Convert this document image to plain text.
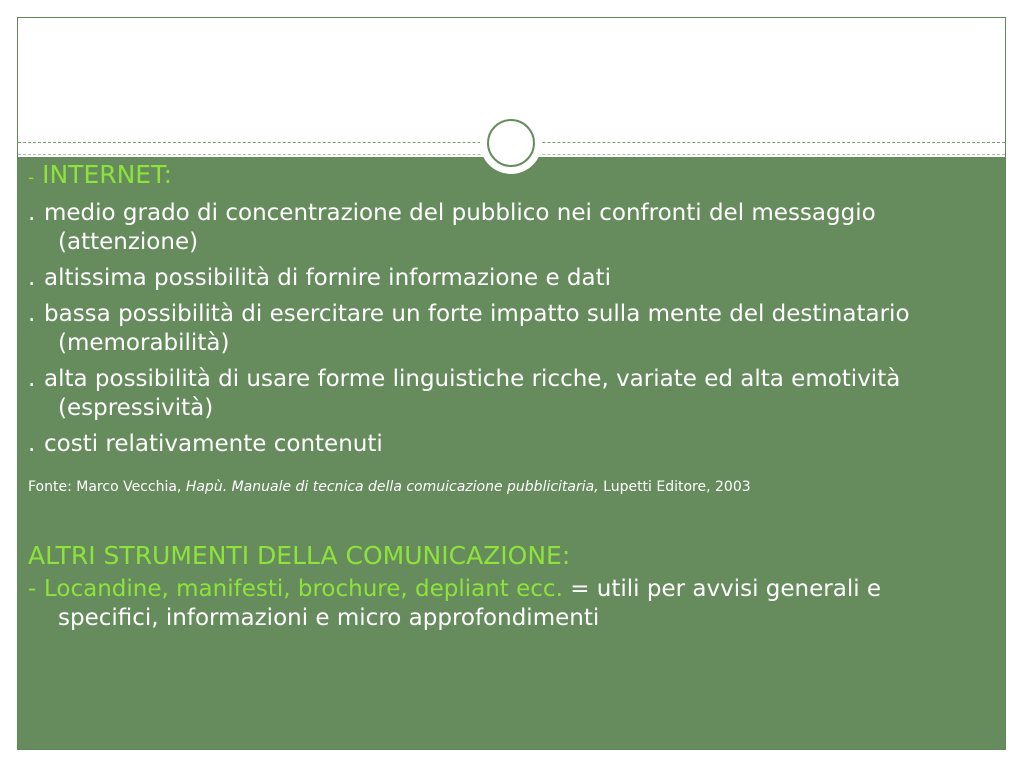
- INTERNET:
. medio grado di concentrazione del pubblico nei confronti del messaggio (attenzione)
. altissima possibilità di fornire informazione e dati
. bassa possibilità di esercitare un forte impatto sulla mente del destinatario (memorabilità)
. alta possibilità di usare forme linguistiche ricche, variate ed alta emotività (espressività)
. costi relativamente contenuti
Fonte: Marco Vecchia, Hapù. Manuale di tecnica della comuicazione pubblicitaria, Lupetti Editore, 2003
ALTRI STRUMENTI DELLA COMUNICAZIONE:
- Locandine, manifesti, brochure, depliant ecc. = utili per avvisi generali e specifici, informazioni e micro approfondimenti
